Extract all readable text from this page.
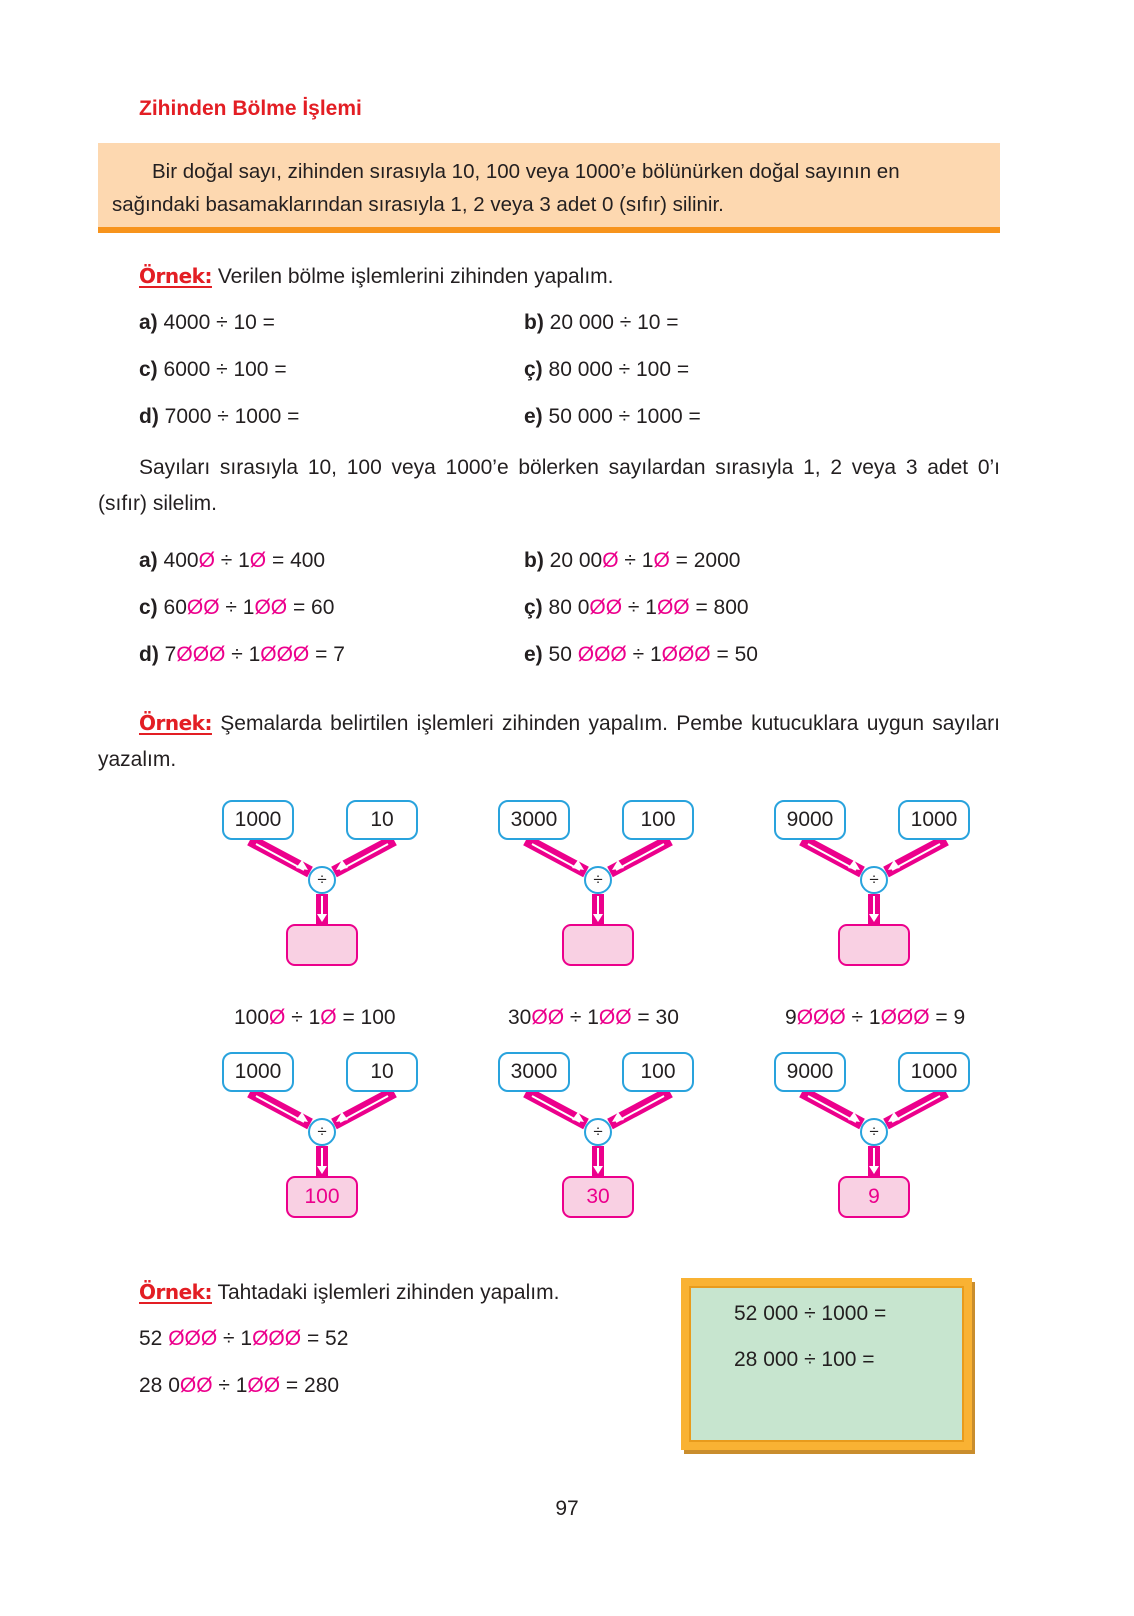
Zihinden Bölme İşlemi
Bir doğal sayı, zihinden sırasıyla 10, 100 veya 1000’e bölünürken doğal sayının en sağındaki basamaklarından sırasıyla 1, 2 veya 3 adet 0 (sıfır) silinir.
Örnek: Verilen bölme işlemlerini zihinden yapalım.
a) 4000 ÷ 10 =	b) 20 000 ÷ 10 =
c) 6000 ÷ 100 =	ç) 80 000 ÷ 100 =
d) 7000 ÷ 1000 =	e) 50 000 ÷ 1000 =
Sayıları sırasıyla 10, 100 veya 1000’e bölerken sayılardan sırasıyla 1, 2 veya 3 adet 0’ı (sıfır) silelim.
a) 400Ø ÷ 1Ø = 400	b) 20 00Ø ÷ 1Ø = 2000
c) 60ØØ ÷ 1ØØ = 60	ç) 80 0ØØ ÷ 1ØØ = 800
d) 7ØØØ ÷ 1ØØØ = 7	e) 50 ØØØ ÷ 1ØØØ = 50
Örnek: Şemalarda belirtilen işlemleri zihinden yapalım. Pembe kutucuklara uygun sayıları yazalım.
1000	10
÷
3000	100
÷
9000	1000
÷
100Ø ÷ 1Ø = 100	30ØØ ÷ 1ØØ = 30	9ØØØ ÷ 1ØØØ = 9
1000	10
÷
100
3000	100
÷
30
9000	1000
÷
9
Örnek: Tahtadaki işlemleri zihinden yapalım.
52 ØØØ ÷ 1ØØØ = 52
28 0ØØ ÷ 1ØØ = 280
52 000 ÷ 1000 =
28 000 ÷ 100 =
97
